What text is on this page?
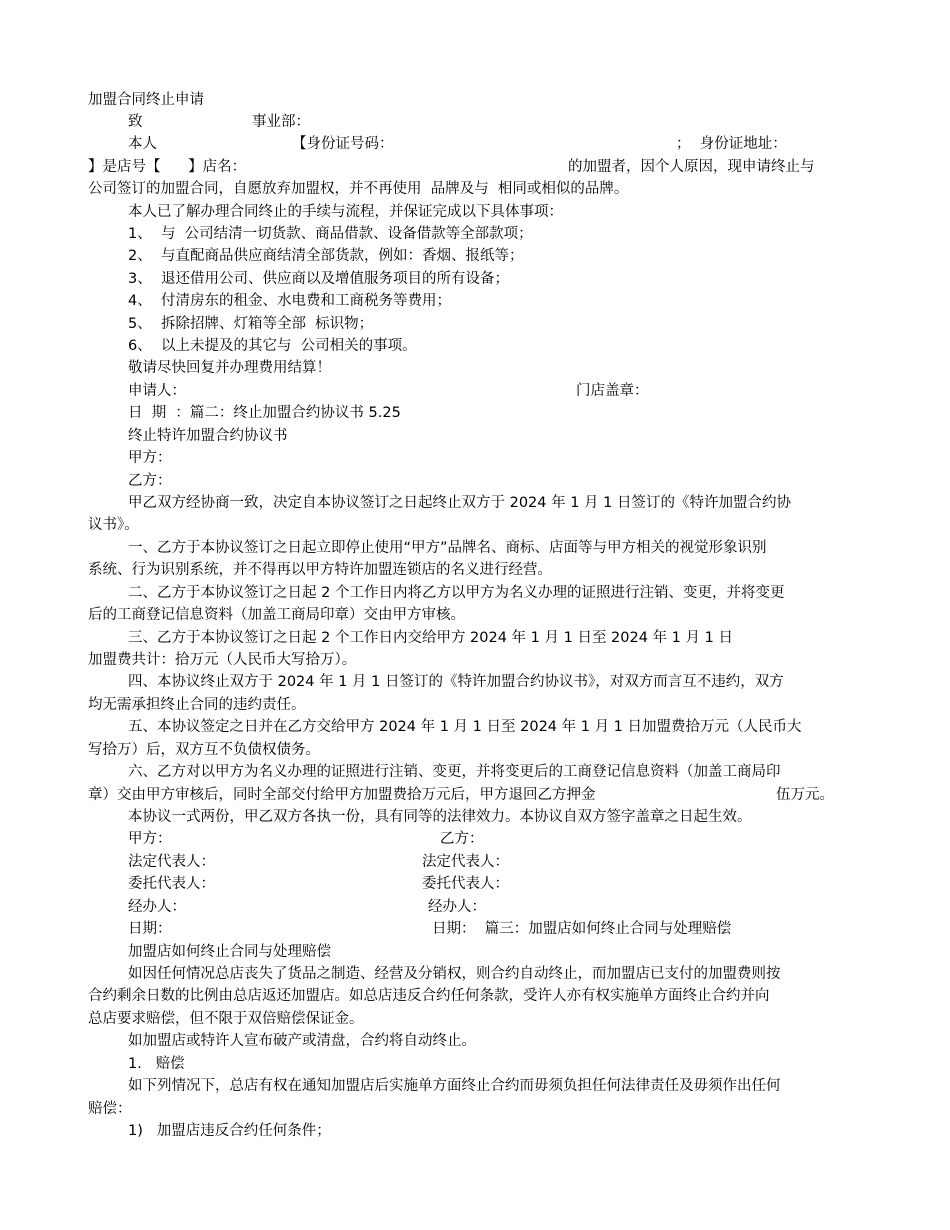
加盟合同终止申请
致	事业部：
本人	【身份证号码：	；  身份证地址：
】是店号【      】店名：	的加盟者，因个人原因，现申请终止与
公司签订的加盟合同，自愿放弃加盟权，并不再使用  品牌及与  相同或相似的品牌。
本人已了解办理合同终止的手续与流程，并保证完成以下具体事项：
1、  与  公司结清一切货款、商品借款、设备借款等全部款项；
2、  与直配商品供应商结清全部货款，例如：香烟、报纸等；
3、  退还借用公司、供应商以及增值服务项目的所有设备；
4、  付清房东的租金、水电费和工商税务等费用；
5、  拆除招牌、灯箱等全部  标识物；
6、  以上未提及的其它与  公司相关的事项。
敬请尽快回复并办理费用结算！
申请人：	门店盖章：
日  期  ：篇二：终止加盟合约协议书 5.25
终止特许加盟合约协议书
甲方：
乙方：
甲乙双方经协商一致，决定自本协议签订之日起终止双方于 2024 年 1 月 1 日签订的《特许加盟合约协
议书》。
一、乙方于本协议签订之日起立即停止使用“甲方”品牌名、商标、店面等与甲方相关的视觉形象识别
系统、行为识别系统，并不得再以甲方特许加盟连锁店的名义进行经营。
二、乙方于本协议签订之日起 2 个工作日内将乙方以甲方为名义办理的证照进行注销、变更，并将变更
后的工商登记信息资料（加盖工商局印章）交由甲方审核。
三、乙方于本协议签订之日起 2 个工作日内交给甲方 2024 年 1 月 1 日至 2024 年 1 月 1 日
加盟费共计：拾万元（人民币大写拾万）。
四、本协议终止双方于 2024 年 1 月 1 日签订的《特许加盟合约协议书》，对双方而言互不违约，双方
均无需承担终止合同的违约责任。
五、本协议签定之日并在乙方交给甲方 2024 年 1 月 1 日至 2024 年 1 月 1 日加盟费拾万元（人民币大
写拾万）后，双方互不负债权债务。
六、乙方对以甲方为名义办理的证照进行注销、变更，并将变更后的工商登记信息资料（加盖工商局印
章）交由甲方审核后，同时全部交付给甲方加盟费拾万元后，甲方退回乙方押金	伍万元。
本协议一式两份，甲乙双方各执一份，具有同等的法律效力。本协议自双方签字盖章之日起生效。
甲方：	乙方：
法定代表人：	法定代表人：
委托代表人：	委托代表人：
经办人：	经办人：
日期：	日期：  篇三：加盟店如何终止合同与处理赔偿
加盟店如何终止合同与处理赔偿
如因任何情况总店丧失了货品之制造、经营及分销权，则合约自动终止，而加盟店已支付的加盟费则按
合约剩余日数的比例由总店返还加盟店。如总店违反合约任何条款，受许人亦有权实施单方面终止合约并向
总店要求赔偿，但不限于双倍赔偿保证金。
如加盟店或特许人宣布破产或清盘，合约将自动终止。
1.   赔偿
如下列情况下，总店有权在通知加盟店后实施单方面终止合约而毋须负担任何法律责任及毋须作出任何
赔偿：
1)   加盟店违反合约任何条件；
